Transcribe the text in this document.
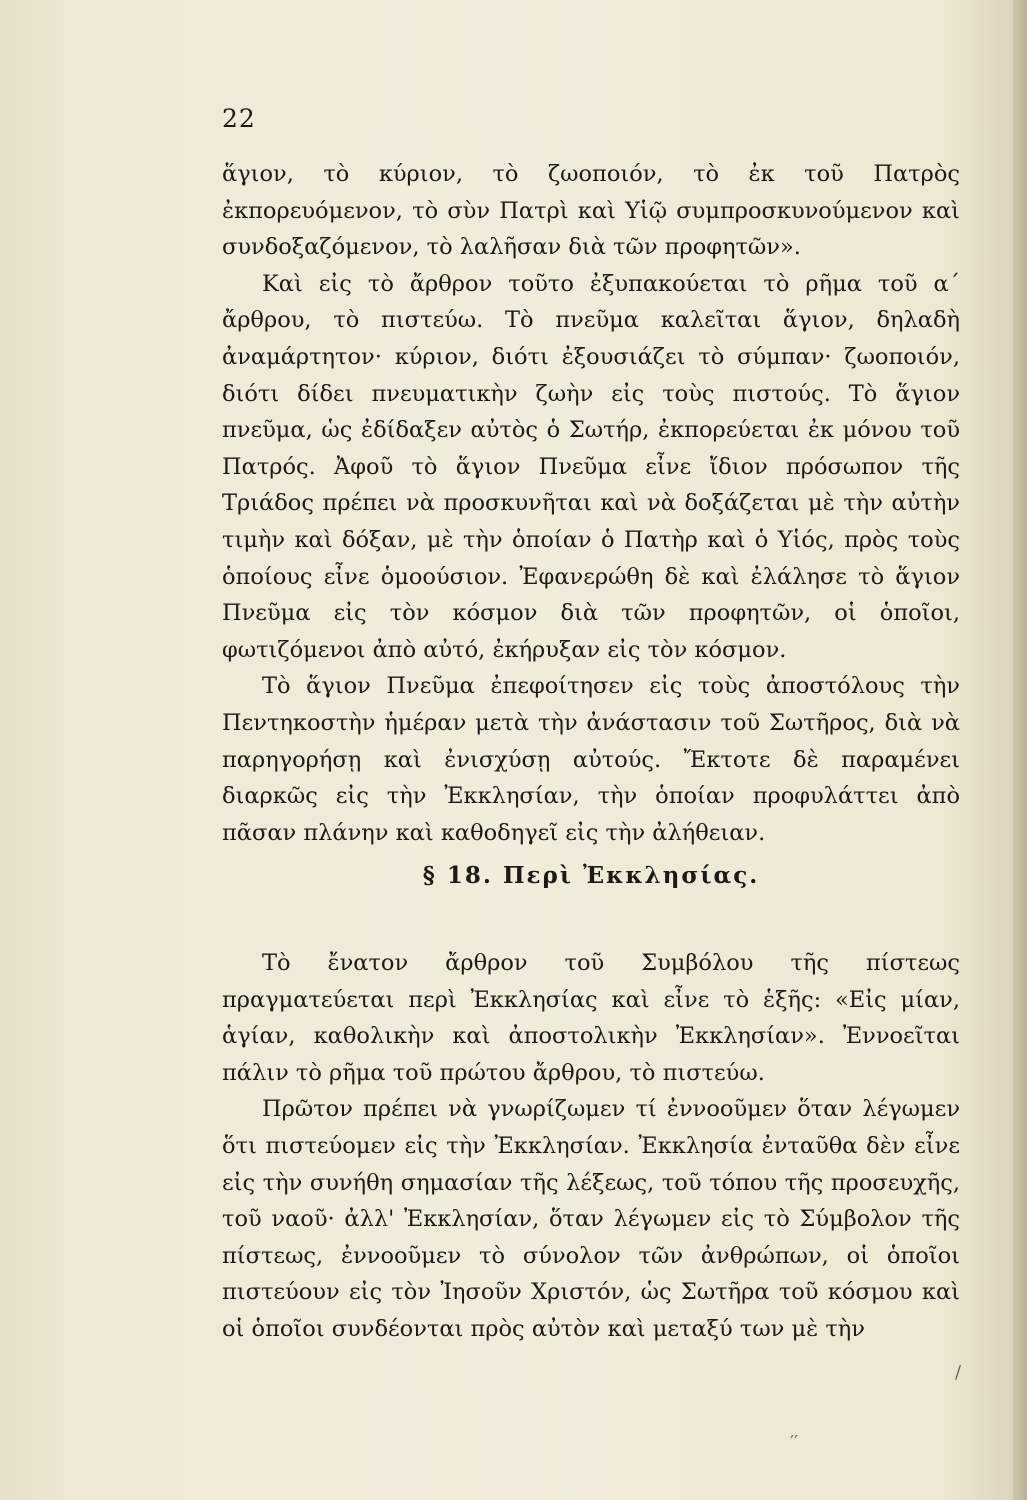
22

ἅγιον, τὸ κύριον, τὸ ζωοποιόν, τὸ ἐκ τοῦ Πατρὸς ἐκπορευόμενον, τὸ σὺν Πατρὶ καὶ Υἱῷ συμπροσκυνούμενον καὶ συνδοξαζόμενον, τὸ λαλῆσαν διὰ τῶν προφητῶν».

Καὶ εἰς τὸ ἄρθρον τοῦτο ἐξυπακούεται τὸ ρῆμα τοῦ α΄ ἄρθρου, τὸ πιστεύω. Τὸ πνεῦμα καλεῖται ἅγιον, δηλαδὴ ἀναμάρτητον· κύριον, διότι ἐξουσιάζει τὸ σύμπαν· ζωοποιόν, διότι δίδει πνευματικὴν ζωὴν εἰς τοὺς πιστούς. Τὸ ἅγιον πνεῦμα, ὡς ἐδίδαξεν αὐτὸς ὁ Σωτήρ, ἐκπορεύεται ἐκ μόνου τοῦ Πατρός. Ἀφοῦ τὸ ἅγιον Πνεῦμα εἶνε ἴδιον πρόσωπον τῆς Τριάδος πρέπει νὰ προσκυνῆται καὶ νὰ δοξάζεται μὲ τὴν αὐτὴν τιμὴν καὶ δόξαν, μὲ τὴν ὁποίαν ὁ Πατὴρ καὶ ὁ Υἱός, πρὸς τοὺς ὁποίους εἶνε ὁμοούσιον. Ἐφανερώθη δὲ καὶ ἐλάλησε τὸ ἅγιον Πνεῦμα εἰς τὸν κόσμον διὰ τῶν προφητῶν, οἱ ὁποῖοι, φωτιζόμενοι ἀπὸ αὐτό, ἐκήρυξαν εἰς τὸν κόσμον.

Τὸ ἅγιον Πνεῦμα ἐπεφοίτησεν εἰς τοὺς ἀποστόλους τὴν Πεντηκοστὴν ἡμέραν μετὰ τὴν ἀνάστασιν τοῦ Σωτῆρος, διὰ νὰ παρηγορήσῃ καὶ ἐνισχύσῃ αὐτούς. Ἔκτοτε δὲ παραμένει διαρκῶς εἰς τὴν Ἐκκλησίαν, τὴν ὁποίαν προφυλάττει ἀπὸ πᾶσαν πλάνην καὶ καθοδηγεῖ εἰς τὴν ἀλήθειαν.

§ 18. Περὶ Ἐκκλησίας.

Τὸ ἔνατον ἄρθρον τοῦ Συμβόλου τῆς πίστεως πραγματεύεται περὶ Ἐκκλησίας καὶ εἶνε τὸ ἑξῆς: «Εἰς μίαν, ἁγίαν, καθολικὴν καὶ ἀποστολικὴν Ἐκκλησίαν». Ἐννοεῖται πάλιν τὸ ρῆμα τοῦ πρώτου ἄρθρου, τὸ πιστεύω.

Πρῶτον πρέπει νὰ γνωρίζωμεν τί ἐννοοῦμεν ὅταν λέγωμεν ὅτι πιστεύομεν εἰς τὴν Ἐκκλησίαν. Ἐκκλησία ἐνταῦθα δὲν εἶνε εἰς τὴν συνήθη σημασίαν τῆς λέξεως, τοῦ τόπου τῆς προσευχῆς, τοῦ ναοῦ· ἀλλ' Ἐκκλησίαν, ὅταν λέγωμεν εἰς τὸ Σύμβολον τῆς πίστεως, ἐννοοῦμεν τὸ σύνολον τῶν ἀνθρώπων, οἱ ὁποῖοι πιστεύουν εἰς τὸν Ἰησοῦν Χριστόν, ὡς Σωτῆρα τοῦ κόσμου καὶ οἱ ὁποῖοι συνδέονται πρὸς αὐτὸν καὶ μεταξύ των μὲ τὴν

/
′′
